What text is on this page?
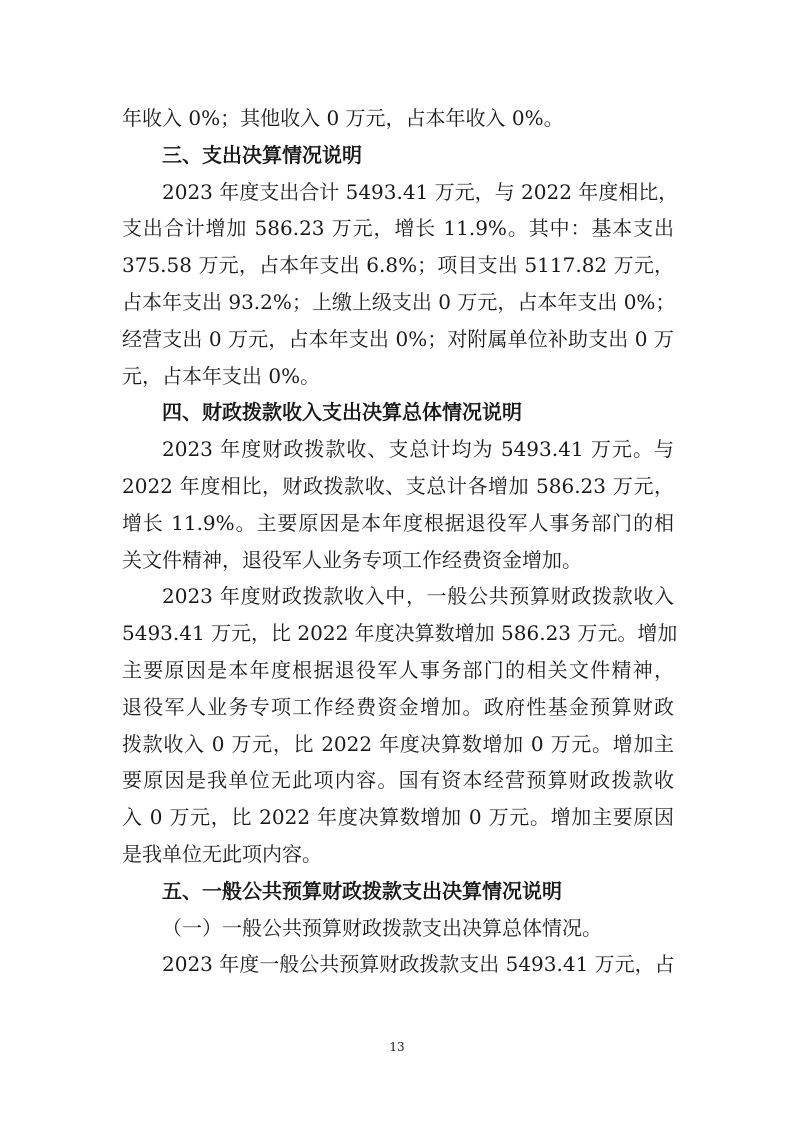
年收入 0%；其他收入 0 万元，占本年收入 0%。
三、支出决算情况说明
2023 年度支出合计 5493.41 万元，与 2022 年度相比，
支出合计增加 586.23 万元，增长 11.9%。其中：基本支出
375.58 万元，占本年支出 6.8%；项目支出 5117.82 万元，
占本年支出 93.2%；上缴上级支出 0 万元，占本年支出 0%；
经营支出 0 万元，占本年支出 0%；对附属单位补助支出 0 万
元，占本年支出 0%。
四、财政拨款收入支出决算总体情况说明
2023 年度财政拨款收、支总计均为 5493.41 万元。与
2022 年度相比，财政拨款收、支总计各增加 586.23 万元，
增长 11.9%。主要原因是本年度根据退役军人事务部门的相
关文件精神，退役军人业务专项工作经费资金增加。
2023 年度财政拨款收入中，一般公共预算财政拨款收入
5493.41 万元，比 2022 年度决算数增加 586.23 万元。增加
主要原因是本年度根据退役军人事务部门的相关文件精神，
退役军人业务专项工作经费资金增加。政府性基金预算财政
拨款收入 0 万元，比 2022 年度决算数增加 0 万元。增加主
要原因是我单位无此项内容。国有资本经营预算财政拨款收
入 0 万元，比 2022 年度决算数增加 0 万元。增加主要原因
是我单位无此项内容。
五、一般公共预算财政拨款支出决算情况说明
（一）一般公共预算财政拨款支出决算总体情况。
2023 年度一般公共预算财政拨款支出 5493.41 万元，占
13
